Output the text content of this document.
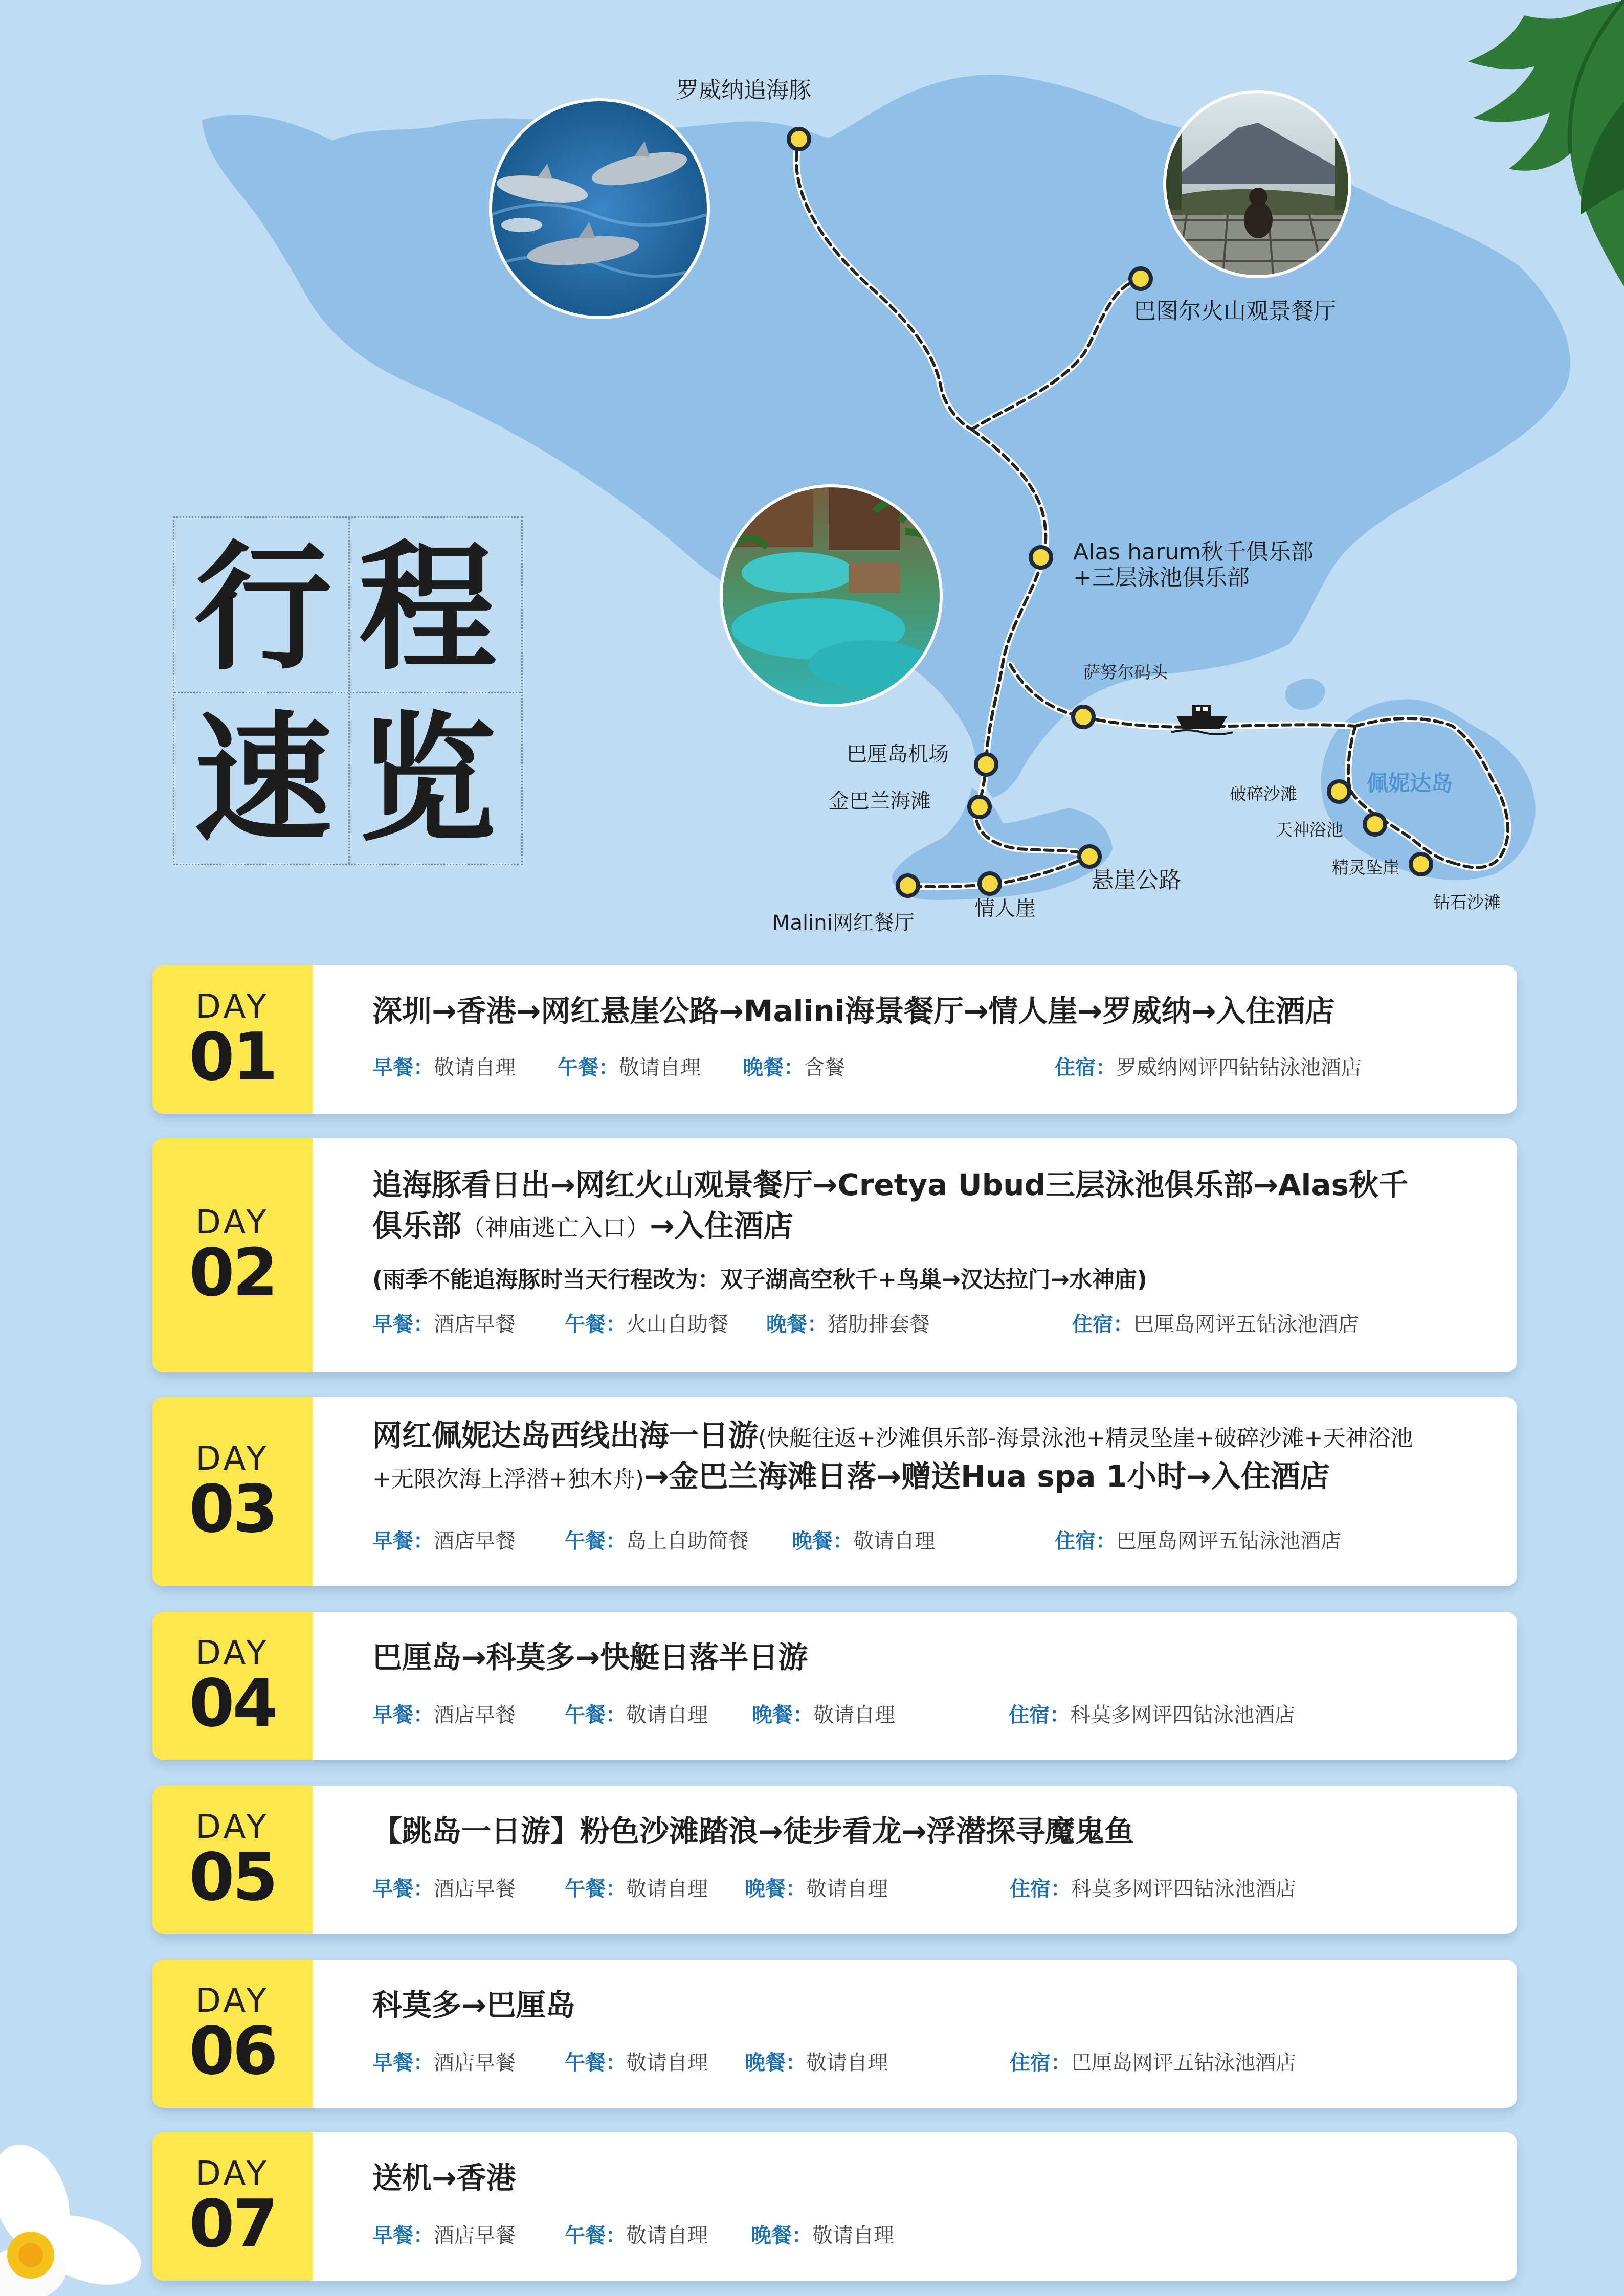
罗威纳追海豚
巴图尔火山观景餐厅
Alas harum秋千俱乐部
+三层泳池俱乐部
萨努尔码头
巴厘岛机场
金巴兰海滩
悬崖公路
Malini网红餐厅
情人崖
佩妮达岛
破碎沙滩
天神浴池
精灵坠崖
钻石沙滩
行 程
速 览
DAY
01
深圳→香港→网红悬崖公路→Malini海景餐厅→情人崖→罗威纳→入住酒店
早餐：敬请自理 午餐：敬请自理 晚餐：含餐	住宿：罗威纳网评四钻钻泳池酒店
DAY
02
追海豚看日出→网红火山观景餐厅→Cretya Ubud三层泳池俱乐部→Alas秋千
俱乐部（神庙逃亡入口）→入住酒店
(雨季不能追海豚时当天行程改为：双子湖高空秋千+鸟巢→汉达拉门→水神庙)
早餐：酒店早餐 午餐：火山自助餐 晚餐：猪肋排套餐	住宿：巴厘岛网评五钻泳池酒店
DAY
03
网红佩妮达岛西线出海一日游(快艇往返+沙滩俱乐部-海景泳池+精灵坠崖+破碎沙滩+天神浴池
+无限次海上浮潜+独木舟)→金巴兰海滩日落→赠送Hua spa 1小时→入住酒店
早餐：酒店早餐 午餐：岛上自助简餐 晚餐：敬请自理	住宿：巴厘岛网评五钻泳池酒店
DAY
04
巴厘岛→科莫多→快艇日落半日游
早餐：酒店早餐 午餐：敬请自理 晚餐：敬请自理	住宿：科莫多网评四钻泳池酒店
DAY
05
【跳岛一日游】粉色沙滩踏浪→徒步看龙→浮潜探寻魔鬼鱼
早餐：酒店早餐 午餐：敬请自理 晚餐：敬请自理	住宿：科莫多网评四钻泳池酒店
DAY
06
科莫多→巴厘岛
早餐：酒店早餐 午餐：敬请自理 晚餐：敬请自理	住宿：巴厘岛网评五钻泳池酒店
DAY
07
送机→香港
早餐：酒店早餐 午餐：敬请自理 晚餐：敬请自理
